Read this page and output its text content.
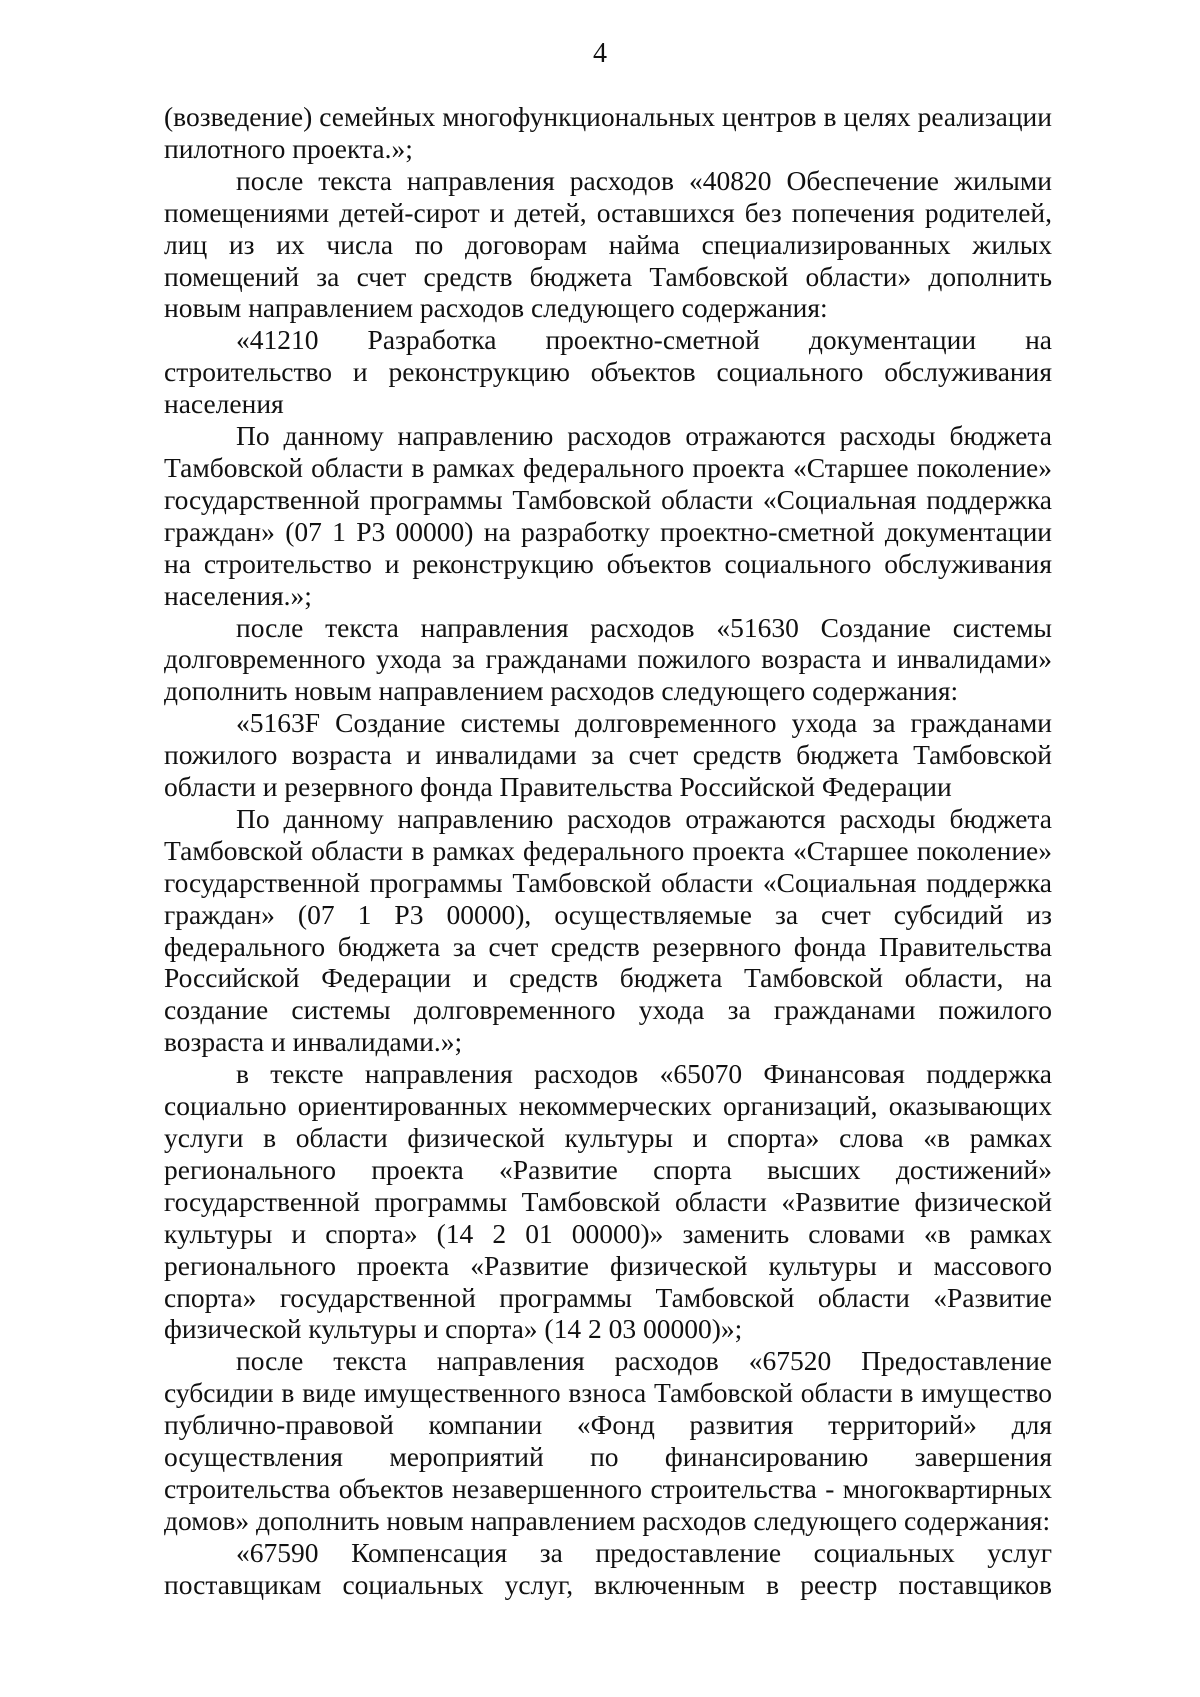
4

(возведение) семейных многофункциональных центров в целях реализации пилотного проекта.»;

после текста направления расходов «40820 Обеспечение жилыми помещениями детей-сирот и детей, оставшихся без попечения родителей, лиц из их числа по договорам найма специализированных жилых помещений за счет средств бюджета Тамбовской области» дополнить новым направлением расходов следующего содержания:

«41210 Разработка проектно-сметной документации на строительство и реконструкцию объектов социального обслуживания населения

По данному направлению расходов отражаются расходы бюджета Тамбовской области в рамках федерального проекта «Старшее поколение» государственной программы Тамбовской области «Социальная поддержка граждан» (07 1 Р3 00000) на разработку проектно-сметной документации на строительство и реконструкцию объектов социального обслуживания населения.»;

после текста направления расходов «51630 Создание системы долговременного ухода за гражданами пожилого возраста и инвалидами» дополнить новым направлением расходов следующего содержания:

«5163F Создание системы долговременного ухода за гражданами пожилого возраста и инвалидами за счет средств бюджета Тамбовской области и резервного фонда Правительства Российской Федерации

По данному направлению расходов отражаются расходы бюджета Тамбовской области в рамках федерального проекта «Старшее поколение» государственной программы Тамбовской области «Социальная поддержка граждан» (07 1 Р3 00000), осуществляемые за счет субсидий из федерального бюджета за счет средств резервного фонда Правительства Российской Федерации и средств бюджета Тамбовской области, на создание системы долговременного ухода за гражданами пожилого возраста и инвалидами.»;

в тексте направления расходов «65070 Финансовая поддержка социально ориентированных некоммерческих организаций, оказывающих услуги в области физической культуры и спорта» слова «в рамках регионального проекта «Развитие спорта высших достижений» государственной программы Тамбовской области «Развитие физической культуры и спорта» (14 2 01 00000)» заменить словами «в рамках регионального проекта «Развитие физической культуры и массового спорта» государственной программы Тамбовской области «Развитие физической культуры и спорта» (14 2 03 00000)»;

после текста направления расходов «67520 Предоставление субсидии в виде имущественного взноса Тамбовской области в имущество публично-правовой компании «Фонд развития территорий» для осуществления мероприятий по финансированию завершения строительства объектов незавершенного строительства - многоквартирных домов» дополнить новым направлением расходов следующего содержания:

«67590 Компенсация за предоставление социальных услуг поставщикам социальных услуг, включенным в реестр поставщиков
